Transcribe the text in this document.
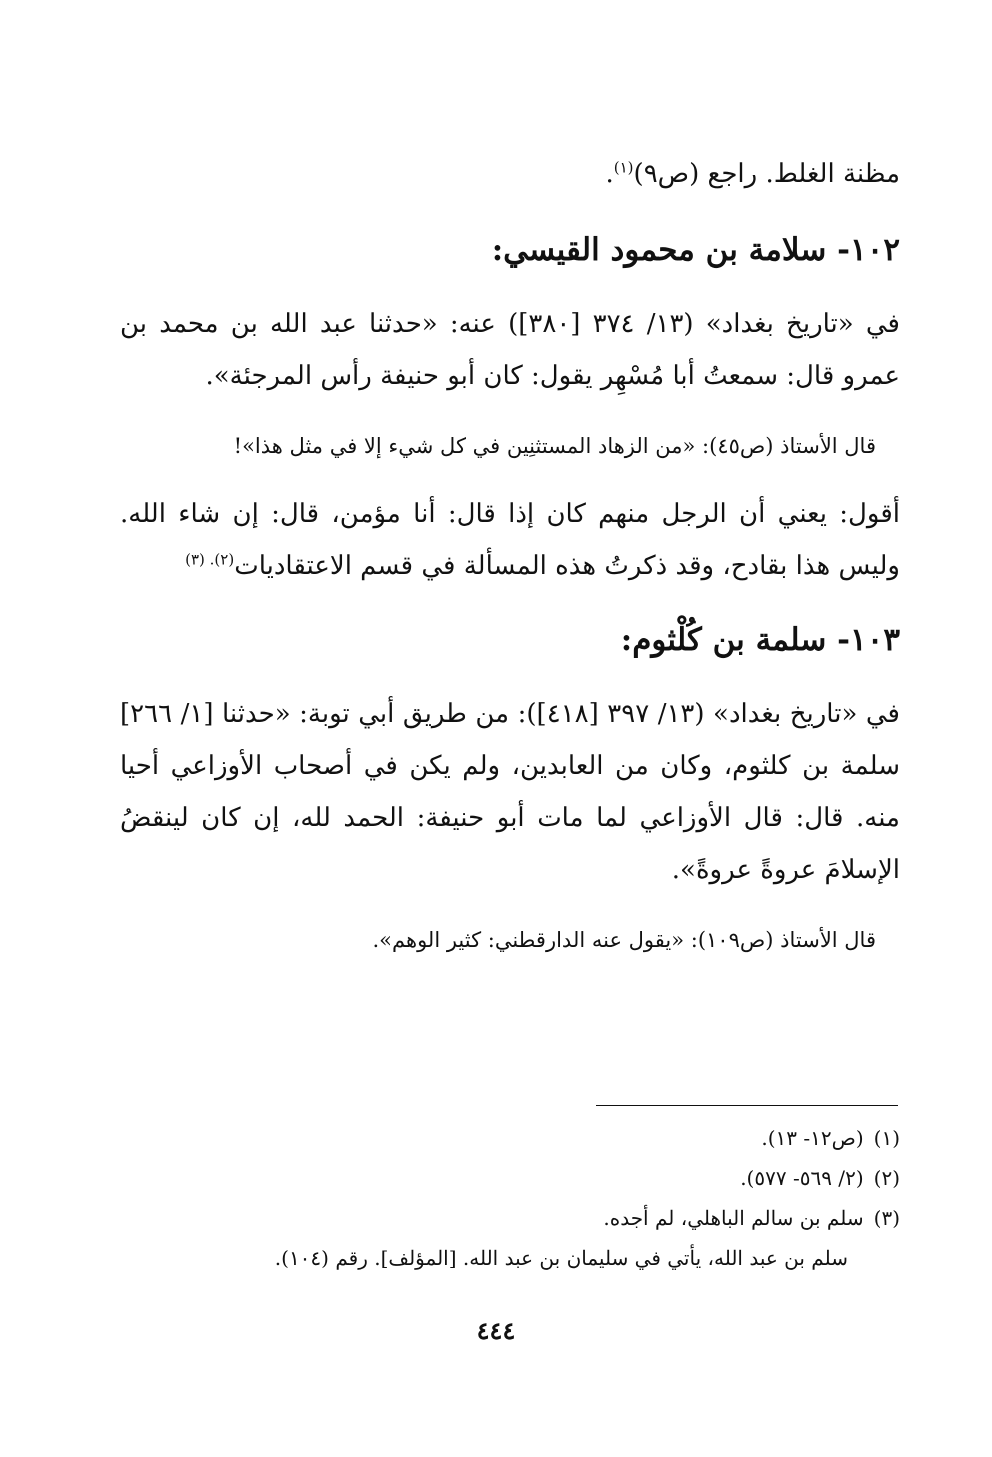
مظنة الغلط. راجع (ص٩)$^{(١)}$.

١٠٢- سلامة بن محمود القيسي:

في «تاريخ بغداد» (١٣/ ٣٧٤ [٣٨٠]) عنه: «حدثنا عبد الله بن محمد بن عمرو قال: سمعتُ أبا مُسْهِر يقول: كان أبو حنيفة رأس المرجئة».

قال الأستاذ (ص٤٥): «من الزهاد المستثنِين في كل شيء إلا في مثل هذا»!

أقول: يعني أن الرجل منهم كان إذا قال: أنا مؤمن، قال: إن شاء الله. وليس هذا بقادح، وقد ذكرتُ هذه المسألة في قسم الاعتقاديات$^{(٢). (٣)}$

١٠٣- سلمة بن كُلْثوم:

في «تاريخ بغداد» (١٣/ ٣٩٧ [٤١٨]): من طريق أبي توبة: «حدثنا [١/ ٢٦٦] سلمة بن كلثوم، وكان من العابدين، ولم يكن في أصحاب الأوزاعي أحيا منه. قال: قال الأوزاعي لما مات أبو حنيفة: الحمد لله، إن كان لينقضُ الإسلامَ عروةً عروةً».

قال الأستاذ (ص١٠٩): «يقول عنه الدارقطني: كثير الوهم».

(١)
(ص١٢- ١٣).
(٢)
(٢/ ٥٦٩- ٥٧٧).
(٣)
سلم بن سالم الباهلي، لم أجده.
سلم بن عبد الله، يأتي في سليمان بن عبد الله. [المؤلف]. رقم (١٠٤).
٤٤٤
